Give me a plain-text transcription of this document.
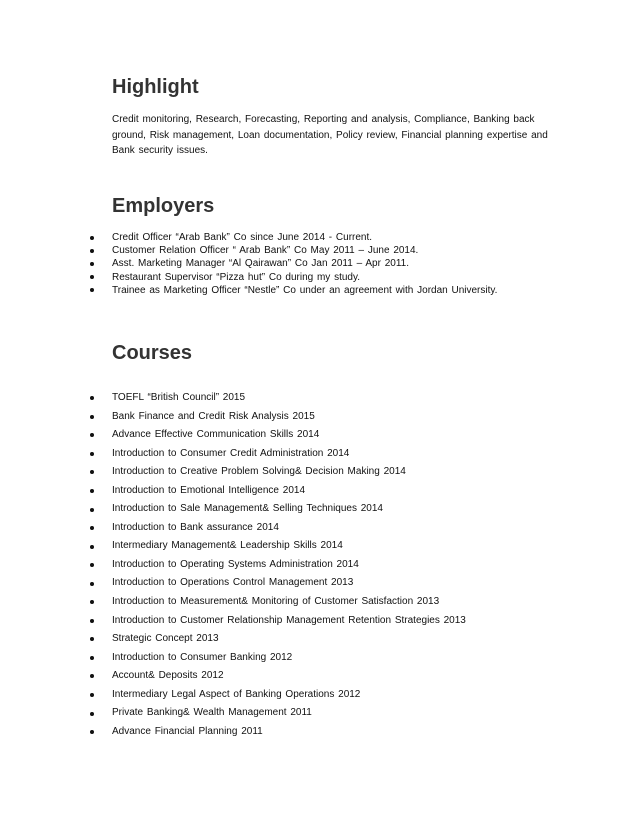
Highlight

Credit monitoring, Research, Forecasting, Reporting and analysis, Compliance, Banking back ground, Risk management, Loan documentation, Policy review, Financial planning expertise and Bank security issues.

Employers
Credit Officer “Arab Bank” Co since June 2014 - Current.
Customer Relation Officer “ Arab Bank” Co May 2011 – June 2014.
Asst. Marketing Manager “Al Qairawan” Co Jan 2011 – Apr 2011.
Restaurant Supervisor “Pizza hut” Co during my study.
Trainee as Marketing Officer “Nestle” Co under an agreement with Jordan University.
Courses
TOEFL “British Council” 2015
Bank Finance and Credit Risk Analysis 2015
Advance Effective Communication Skills 2014
Introduction to Consumer Credit Administration 2014
Introduction to Creative Problem Solving& Decision Making 2014
Introduction to Emotional Intelligence 2014
Introduction to Sale Management& Selling Techniques 2014
Introduction to Bank assurance 2014
Intermediary Management& Leadership Skills 2014
Introduction to Operating Systems Administration 2014
Introduction to Operations Control Management 2013
Introduction to Measurement& Monitoring of Customer Satisfaction 2013
Introduction to Customer Relationship Management Retention Strategies 2013
Strategic Concept 2013
Introduction to Consumer Banking 2012
Account& Deposits 2012
Intermediary Legal Aspect of Banking Operations 2012
Private Banking& Wealth Management 2011
Advance Financial Planning 2011
